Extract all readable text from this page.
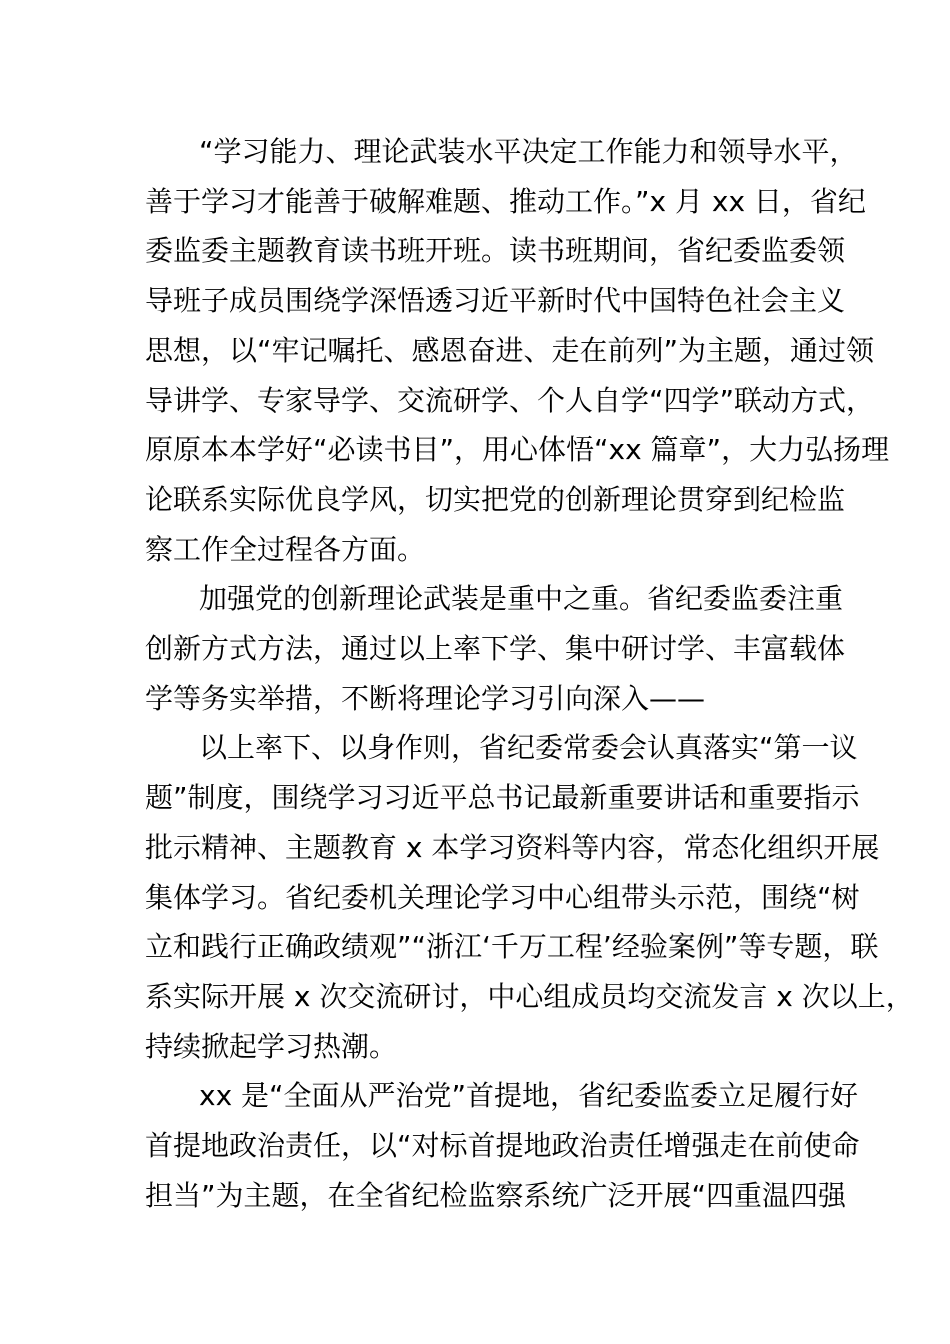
“学习能力、理论武装水平决定工作能力和领导水平，
善于学习才能善于破解难题、推动工作。”x 月 xx 日，省纪
委监委主题教育读书班开班。读书班期间，省纪委监委领
导班子成员围绕学深悟透习近平新时代中国特色社会主义
思想，以“牢记嘱托、感恩奋进、走在前列”为主题，通过领
导讲学、专家导学、交流研学、个人自学“四学”联动方式，
原原本本学好“必读书目”，用心体悟“xx 篇章”，大力弘扬理
论联系实际优良学风，切实把党的创新理论贯穿到纪检监
察工作全过程各方面。

加强党的创新理论武装是重中之重。省纪委监委注重
创新方式方法，通过以上率下学、集中研讨学、丰富载体
学等务实举措，不断将理论学习引向深入——

以上率下、以身作则，省纪委常委会认真落实“第一议
题”制度，围绕学习习近平总书记最新重要讲话和重要指示
批示精神、主题教育 x 本学习资料等内容，常态化组织开展
集体学习。省纪委机关理论学习中心组带头示范，围绕“树
立和践行正确政绩观”“浙江‘千万工程’经验案例”等专题，联
系实际开展 x 次交流研讨，中心组成员均交流发言 x 次以上，
持续掀起学习热潮。

xx 是“全面从严治党”首提地，省纪委监委立足履行好
首提地政治责任，以“对标首提地政治责任增强走在前使命
担当”为主题，在全省纪检监察系统广泛开展“四重温四强
